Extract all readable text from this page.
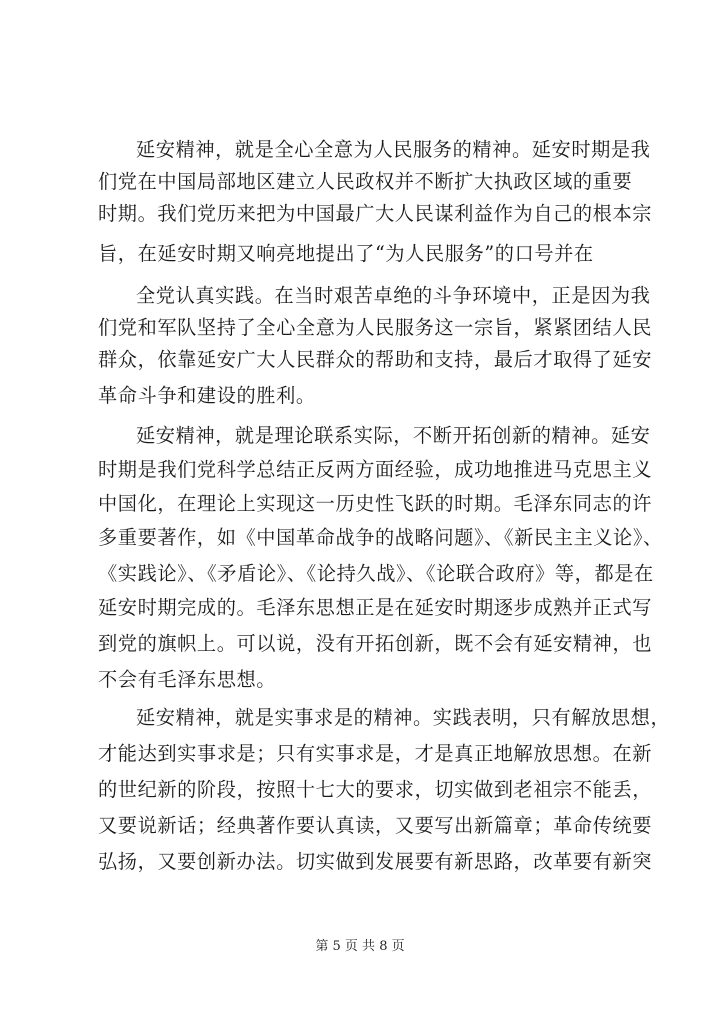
延安精神，就是全心全意为人民服务的精神。延安时期是我
们党在中国局部地区建立人民政权并不断扩大执政区域的重要
时期。我们党历来把为中国最广大人民谋利益作为自己的根本宗
旨，在延安时期又响亮地提出了“为人民服务”的口号并在
全党认真实践。在当时艰苦卓绝的斗争环境中，正是因为我
们党和军队坚持了全心全意为人民服务这一宗旨，紧紧团结人民
群众，依靠延安广大人民群众的帮助和支持，最后才取得了延安
革命斗争和建设的胜利。
延安精神，就是理论联系实际，不断开拓创新的精神。延安
时期是我们党科学总结正反两方面经验，成功地推进马克思主义
中国化，在理论上实现这一历史性飞跃的时期。毛泽东同志的许
多重要著作，如《中国革命战争的战略问题》、《新民主主义论》、
《实践论》、《矛盾论》、《论持久战》、《论联合政府》等，都是在
延安时期完成的。毛泽东思想正是在延安时期逐步成熟并正式写
到党的旗帜上。可以说，没有开拓创新，既不会有延安精神，也
不会有毛泽东思想。
延安精神，就是实事求是的精神。实践表明，只有解放思想，
才能达到实事求是；只有实事求是，才是真正地解放思想。在新
的世纪新的阶段，按照十七大的要求，切实做到老祖宗不能丢，
又要说新话；经典著作要认真读，又要写出新篇章；革命传统要
弘扬，又要创新办法。切实做到发展要有新思路，改革要有新突
第 5 页 共 8 页
